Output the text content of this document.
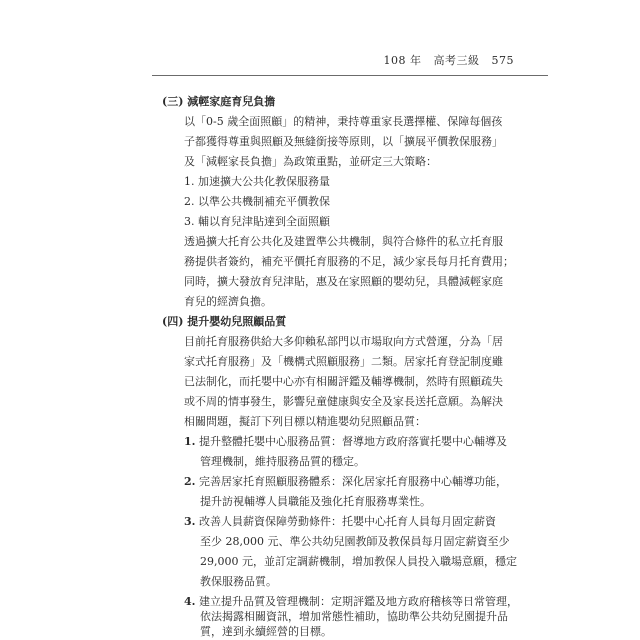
108 年 高考三級 575
(三) 減輕家庭育兒負擔
以「0-5 歲全面照顧」的精神，秉持尊重家長選擇權、保障每個孩
子都獲得尊重與照顧及無縫銜接等原則，以「擴展平價教保服務」
及「減輕家長負擔」為政策重點，並研定三大策略：
1. 加速擴大公共化教保服務量
2. 以準公共機制補充平價教保
3. 輔以育兒津貼達到全面照顧
透過擴大托育公共化及建置準公共機制，與符合條件的私立托育服
務提供者簽約，補充平價托育服務的不足，減少家長每月托育費用；
同時，擴大發放育兒津貼，惠及在家照顧的嬰幼兒，具體減輕家庭
育兒的經濟負擔。
(四) 提升嬰幼兒照顧品質
目前托育服務供給大多仰賴私部門以市場取向方式營運，分為「居
家式托育服務」及「機構式照顧服務」二類。居家托育登記制度雖
已法制化，而托嬰中心亦有相關評鑑及輔導機制，然時有照顧疏失
或不周的情事發生，影響兒童健康與安全及家長送托意願。為解決
相關問題，擬訂下列目標以精進嬰幼兒照顧品質：
1. 提升整體托嬰中心服務品質：督導地方政府落實托嬰中心輔導及
管理機制，維持服務品質的穩定。
2. 完善居家托育照顧服務體系：深化居家托育服務中心輔導功能，
提升訪視輔導人員職能及強化托育服務專業性。
3. 改善人員薪資保障勞動條件：托嬰中心托育人員每月固定薪資
至少 28,000 元、準公共幼兒園教師及教保員每月固定薪資至少
29,000 元，並訂定調薪機制，增加教保人員投入職場意願，穩定
教保服務品質。
4. 建立提升品質及管理機制：定期評鑑及地方政府稽核等日常管理，
依法揭露相關資訊，增加常態性補助，協助準公共幼兒園提升品
質，達到永續經營的目標。
